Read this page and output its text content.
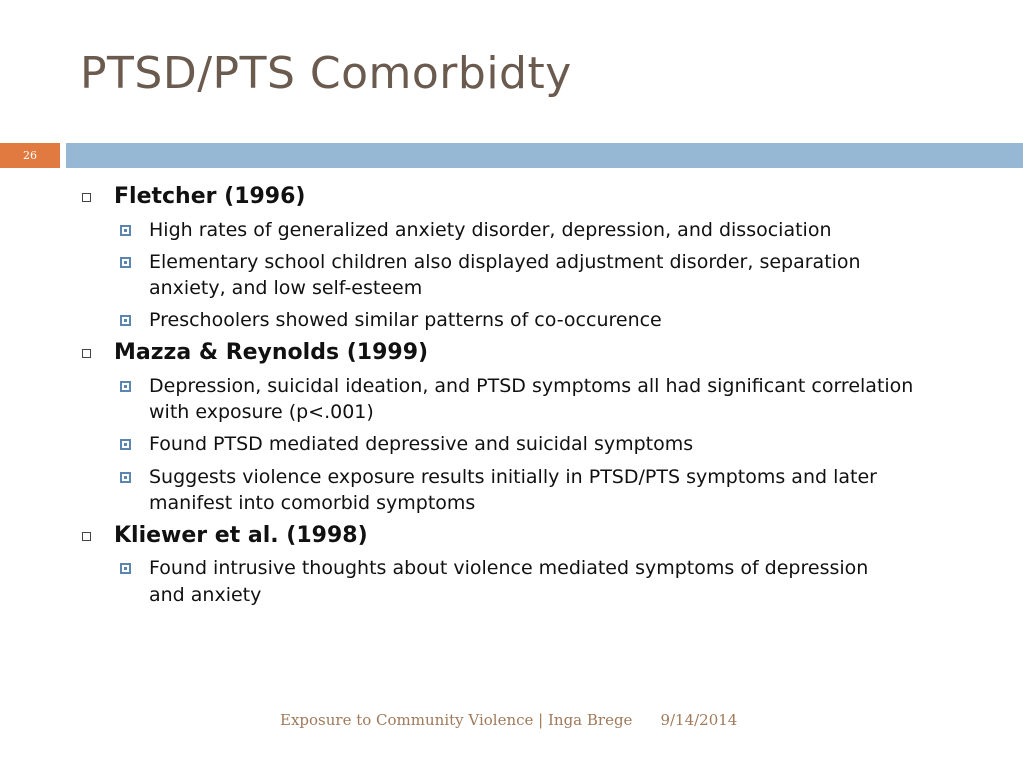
PTSD/PTS Comorbidty
26
Fletcher (1996)
High rates of generalized anxiety disorder, depression, and dissociation
Elementary school children also displayed adjustment disorder, separation anxiety, and low self-esteem
Preschoolers showed similar patterns of co-occurence
Mazza & Reynolds (1999)
Depression, suicidal ideation, and PTSD symptoms all had significant correlation with exposure (p<.001)
Found PTSD mediated depressive and suicidal symptoms
Suggests violence exposure results initially in PTSD/PTS symptoms and later manifest into comorbid symptoms
Kliewer et al. (1998)
Found intrusive thoughts about violence mediated symptoms of depression and anxiety
Exposure to Community Violence | Inga Brege 9/14/2014
